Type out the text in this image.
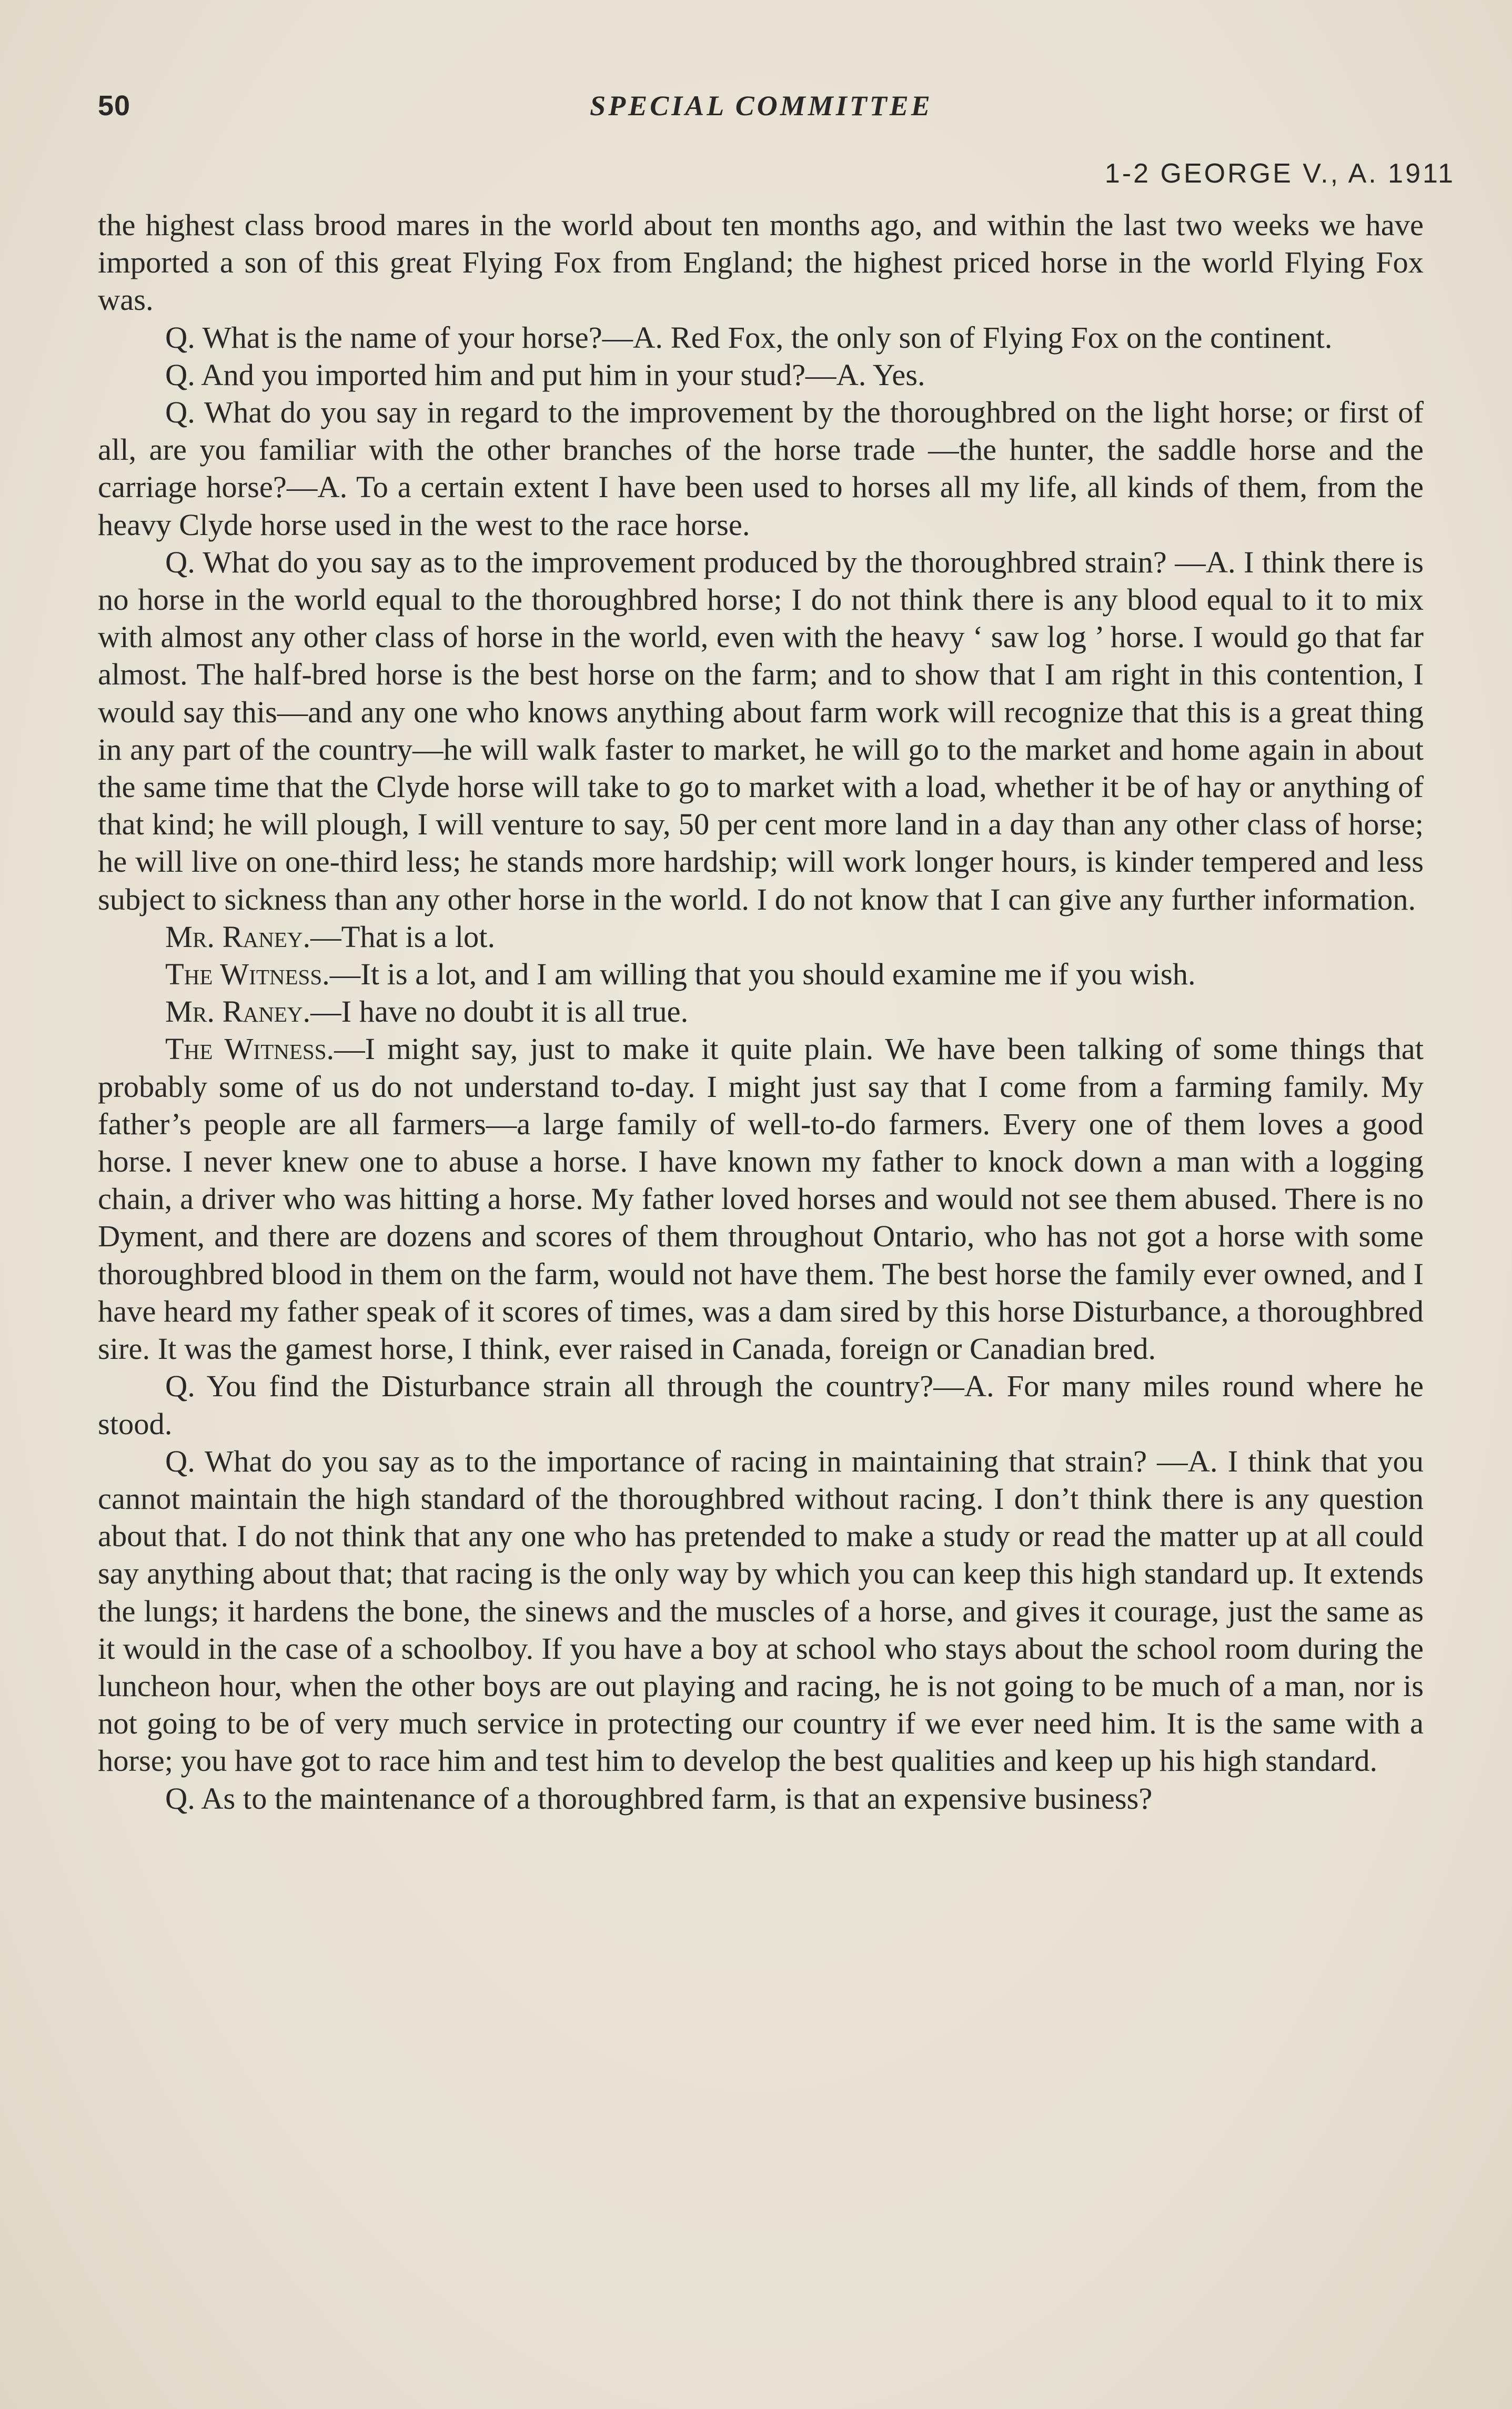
50	SPECIAL COMMITTEE
1-2 GEORGE V., A. 1911

the highest class brood mares in the world about ten months ago, and within the last two weeks we have imported a son of this great Flying Fox from England; the highest priced horse in the world Flying Fox was.

Q. What is the name of your horse?—A. Red Fox, the only son of Flying Fox on the continent.

Q. And you imported him and put him in your stud?—A. Yes.

Q. What do you say in regard to the improvement by the thoroughbred on the light horse; or first of all, are you familiar with the other branches of the horse trade —the hunter, the saddle horse and the carriage horse?—A. To a certain extent I have been used to horses all my life, all kinds of them, from the heavy Clyde horse used in the west to the race horse.

Q. What do you say as to the improvement produced by the thoroughbred strain? —A. I think there is no horse in the world equal to the thoroughbred horse; I do not think there is any blood equal to it to mix with almost any other class of horse in the world, even with the heavy ‘ saw log ’ horse. I would go that far almost. The half-bred horse is the best horse on the farm; and to show that I am right in this contention, I would say this—and any one who knows anything about farm work will recognize that this is a great thing in any part of the country—he will walk faster to market, he will go to the market and home again in about the same time that the Clyde horse will take to go to market with a load, whether it be of hay or anything of that kind; he will plough, I will venture to say, 50 per cent more land in a day than any other class of horse; he will live on one-third less; he stands more hardship; will work longer hours, is kinder tempered and less subject to sickness than any other horse in the world. I do not know that I can give any further information.

Mr. Raney.—That is a lot.

The Witness.—It is a lot, and I am willing that you should examine me if you wish.

Mr. Raney.—I have no doubt it is all true.

The Witness.—I might say, just to make it quite plain. We have been talking of some things that probably some of us do not understand to-day. I might just say that I come from a farming family. My father’s people are all farmers—a large family of well-to-do farmers. Every one of them loves a good horse. I never knew one to abuse a horse. I have known my father to knock down a man with a logging chain, a driver who was hitting a horse. My father loved horses and would not see them abused. There is no Dyment, and there are dozens and scores of them throughout Ontario, who has not got a horse with some thoroughbred blood in them on the farm, would not have them. The best horse the family ever owned, and I have heard my father speak of it scores of times, was a dam sired by this horse Disturbance, a thoroughbred sire. It was the gamest horse, I think, ever raised in Canada, foreign or Canadian bred.

Q. You find the Disturbance strain all through the country?—A. For many miles round where he stood.

Q. What do you say as to the importance of racing in maintaining that strain? —A. I think that you cannot maintain the high standard of the thoroughbred without racing. I don’t think there is any question about that. I do not think that any one who has pretended to make a study or read the matter up at all could say anything about that; that racing is the only way by which you can keep this high standard up. It extends the lungs; it hardens the bone, the sinews and the muscles of a horse, and gives it courage, just the same as it would in the case of a schoolboy. If you have a boy at school who stays about the school room during the luncheon hour, when the other boys are out playing and racing, he is not going to be much of a man, nor is not going to be of very much service in protecting our country if we ever need him. It is the same with a horse; you have got to race him and test him to develop the best qualities and keep up his high standard.

Q. As to the maintenance of a thoroughbred farm, is that an expensive business?
